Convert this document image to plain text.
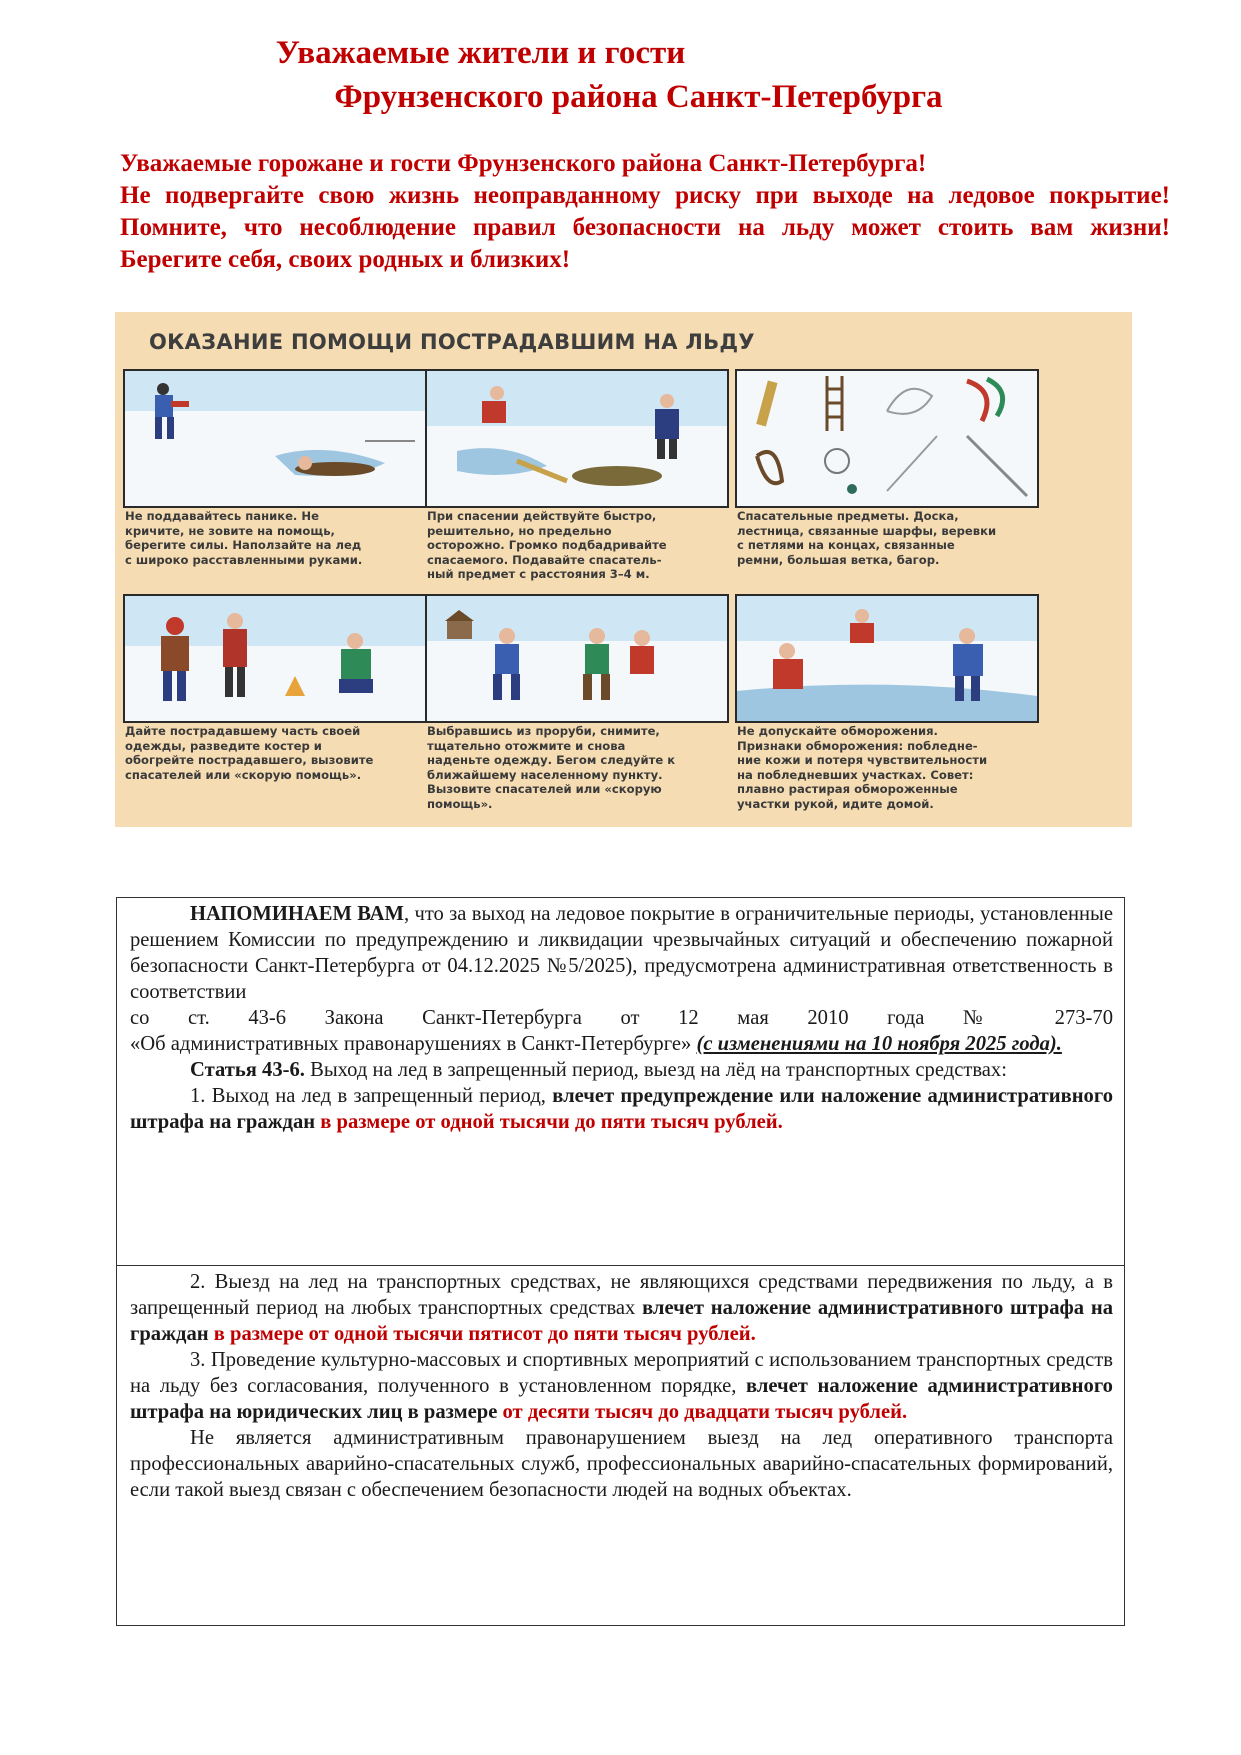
Уважаемые жители и гости
Фрунзенского района Санкт-Петербурга

Уважаемые горожане и гости Фрунзенского района Санкт-Петербурга!

Не подвергайте свою жизнь неоправданному риску при выходе на ледовое покрытие! Помните, что несоблюдение правил безопасности на льду может стоить вам жизни! Берегите себя, своих родных и близких!

ОКАЗАНИЕ ПОМОЩИ ПОСТРАДАВШИМ НА ЛЬДУ
Не поддавайтесь панике. Не
кричите, не зовите на помощь,
берегите силы. Наползайте на лед
с широко расставленными руками.
При спасении действуйте быстро,
решительно, но предельно
осторожно. Громко подбадривайте
спасаемого. Подавайте спасатель-
ный предмет с расстояния 3–4 м.
Спасательные предметы. Доска,
лестница, связанные шарфы, веревки
с петлями на концах, связанные
ремни, большая ветка, багор.
Дайте пострадавшему часть своей
одежды, разведите костер и
обогрейте пострадавшего, вызовите
спасателей или «скорую помощь».
Выбравшись из проруби, снимите,
тщательно отожмите и снова
наденьте одежду. Бегом следуйте к
ближайшему населенному пункту.
Вызовите спасателей или «скорую
помощь».
Не допускайте обморожения.
Признаки обморожения: побледне-
ние кожи и потеря чувствительности
на побледневших участках. Совет:
плавно растирая обмороженные
участки рукой, идите домой.

НАПОМИНАЕМ ВАМ, что за выход на ледовое покрытие в ограничительные периоды, установленные решением Комиссии по предупреждению и ликвидации чрезвычайных ситуаций и обеспечению пожарной безопасности Санкт-Петербурга от 04.12.2025 №5/2025), предусмотрена административная ответственность в соответствии

со ст. 43-6 Закона Санкт-Петербурга от 12 мая 2010 года № 273-70

«Об административных правонарушениях в Санкт-Петербурге» (с изменениями на 10 ноября 2025 года).

Статья 43-6. Выход на лед в запрещенный период, выезд на лёд на транспортных средствах:

1. Выход на лед в запрещенный период, влечет предупреждение или наложение административного штрафа на граждан в размере от одной тысячи до пяти тысяч рублей.

2. Выезд на лед на транспортных средствах, не являющихся средствами передвижения по льду, а в запрещенный период на любых транспортных средствах влечет наложение административного штрафа на граждан в размере от одной тысячи пятисот до пяти тысяч рублей.

3. Проведение культурно-массовых и спортивных мероприятий с использованием транспортных средств на льду без согласования, полученного в установленном порядке, влечет наложение административного штрафа на юридических лиц в размере от десяти тысяч до двадцати тысяч рублей.

Не является административным правонарушением выезд на лед оперативного транспорта профессиональных аварийно-спасательных служб, профессиональных аварийно-спасательных формирований, если такой выезд связан с обеспечением безопасности людей на водных объектах.
